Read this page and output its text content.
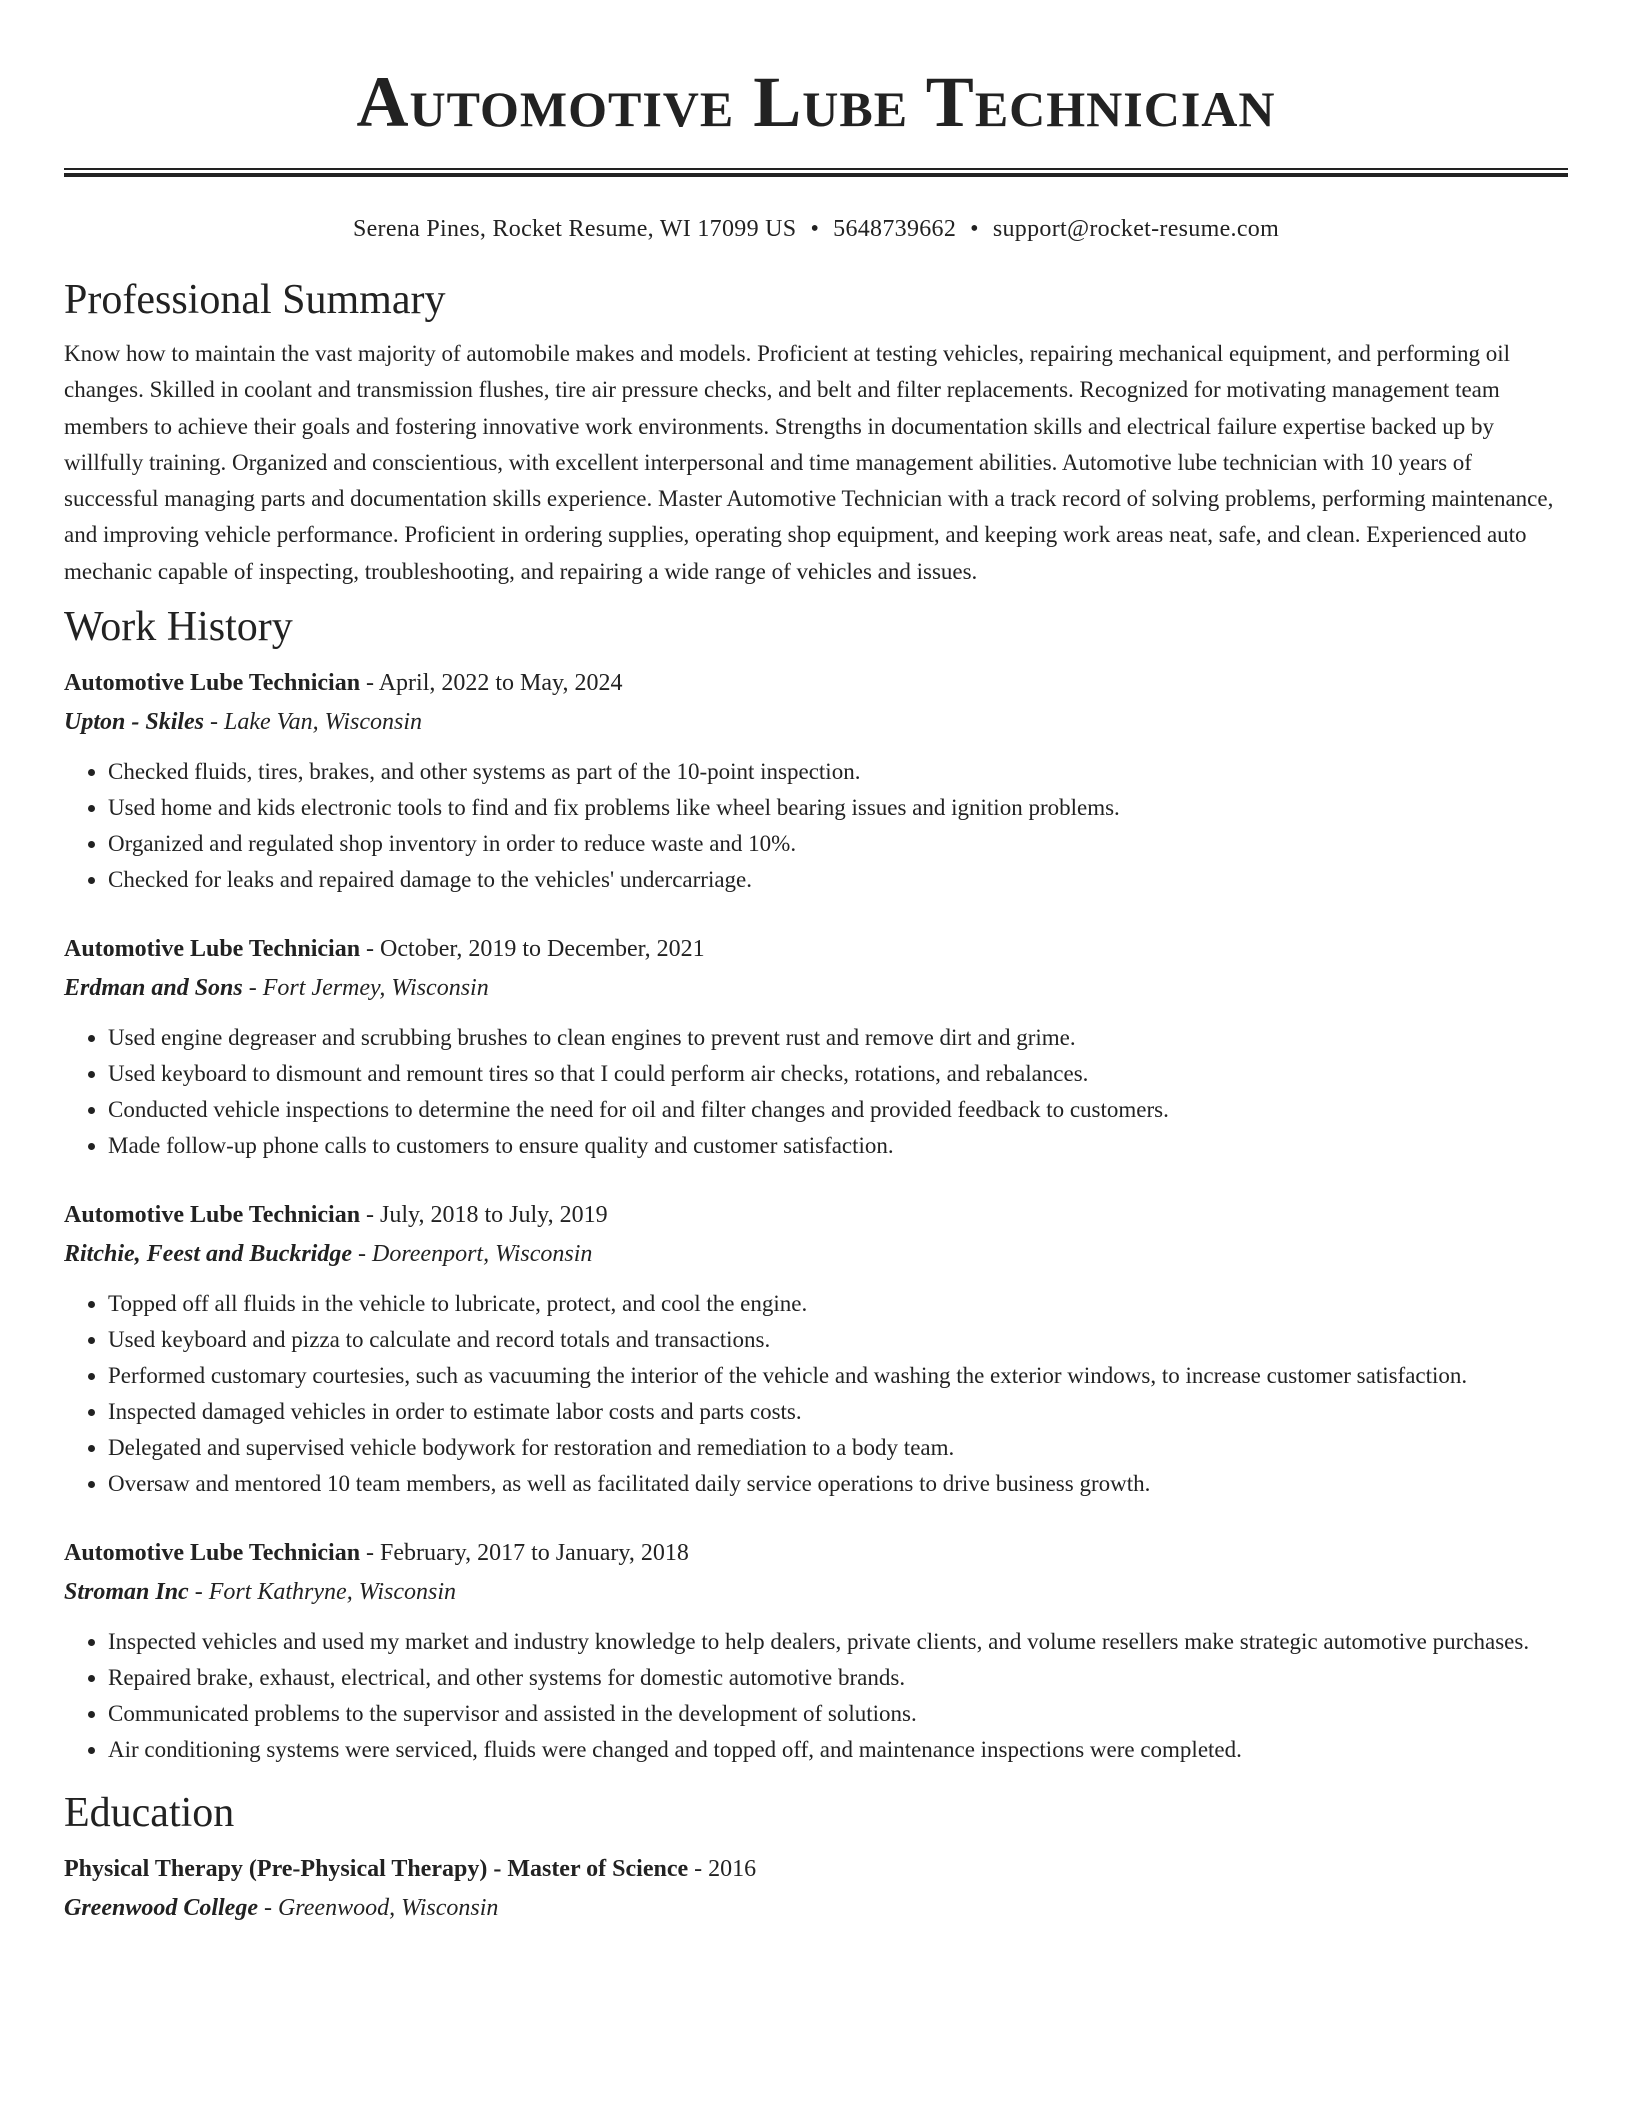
Automotive Lube Technician
Serena Pines, Rocket Resume, WI 17099 US • 5648739662 • support@rocket-resume.com
Professional Summary

Know how to maintain the vast majority of automobile makes and models. Proficient at testing vehicles, repairing mechanical equipment, and performing oil changes. Skilled in coolant and transmission flushes, tire air pressure checks, and belt and filter replacements. Recognized for motivating management team members to achieve their goals and fostering innovative work environments. Strengths in documentation skills and electrical failure expertise backed up by willfully training. Organized and conscientious, with excellent interpersonal and time management abilities. Automotive lube technician with 10 years of successful managing parts and documentation skills experience. Master Automotive Technician with a track record of solving problems, performing maintenance, and improving vehicle performance. Proficient in ordering supplies, operating shop equipment, and keeping work areas neat, safe, and clean. Experienced auto mechanic capable of inspecting, troubleshooting, and repairing a wide range of vehicles and issues.

Work History

Automotive Lube Technician - April, 2022 to May, 2024

Upton - Skiles - Lake Van, Wisconsin

• Checked fluids, tires, brakes, and other systems as part of the 10-point inspection.
• Used home and kids electronic tools to find and fix problems like wheel bearing issues and ignition problems.
• Organized and regulated shop inventory in order to reduce waste and 10%.
• Checked for leaks and repaired damage to the vehicles' undercarriage.

Automotive Lube Technician - October, 2019 to December, 2021

Erdman and Sons - Fort Jermey, Wisconsin

• Used engine degreaser and scrubbing brushes to clean engines to prevent rust and remove dirt and grime.
• Used keyboard to dismount and remount tires so that I could perform air checks, rotations, and rebalances.
• Conducted vehicle inspections to determine the need for oil and filter changes and provided feedback to customers.
• Made follow-up phone calls to customers to ensure quality and customer satisfaction.

Automotive Lube Technician - July, 2018 to July, 2019

Ritchie, Feest and Buckridge - Doreenport, Wisconsin

• Topped off all fluids in the vehicle to lubricate, protect, and cool the engine.
• Used keyboard and pizza to calculate and record totals and transactions.
• Performed customary courtesies, such as vacuuming the interior of the vehicle and washing the exterior windows, to increase customer satisfaction.
• Inspected damaged vehicles in order to estimate labor costs and parts costs.
• Delegated and supervised vehicle bodywork for restoration and remediation to a body team.
• Oversaw and mentored 10 team members, as well as facilitated daily service operations to drive business growth.

Automotive Lube Technician - February, 2017 to January, 2018

Stroman Inc - Fort Kathryne, Wisconsin

• Inspected vehicles and used my market and industry knowledge to help dealers, private clients, and volume resellers make strategic automotive purchases.
• Repaired brake, exhaust, electrical, and other systems for domestic automotive brands.
• Communicated problems to the supervisor and assisted in the development of solutions.
• Air conditioning systems were serviced, fluids were changed and topped off, and maintenance inspections were completed.
Education

Physical Therapy (Pre-Physical Therapy) - Master of Science - 2016

Greenwood College - Greenwood, Wisconsin
